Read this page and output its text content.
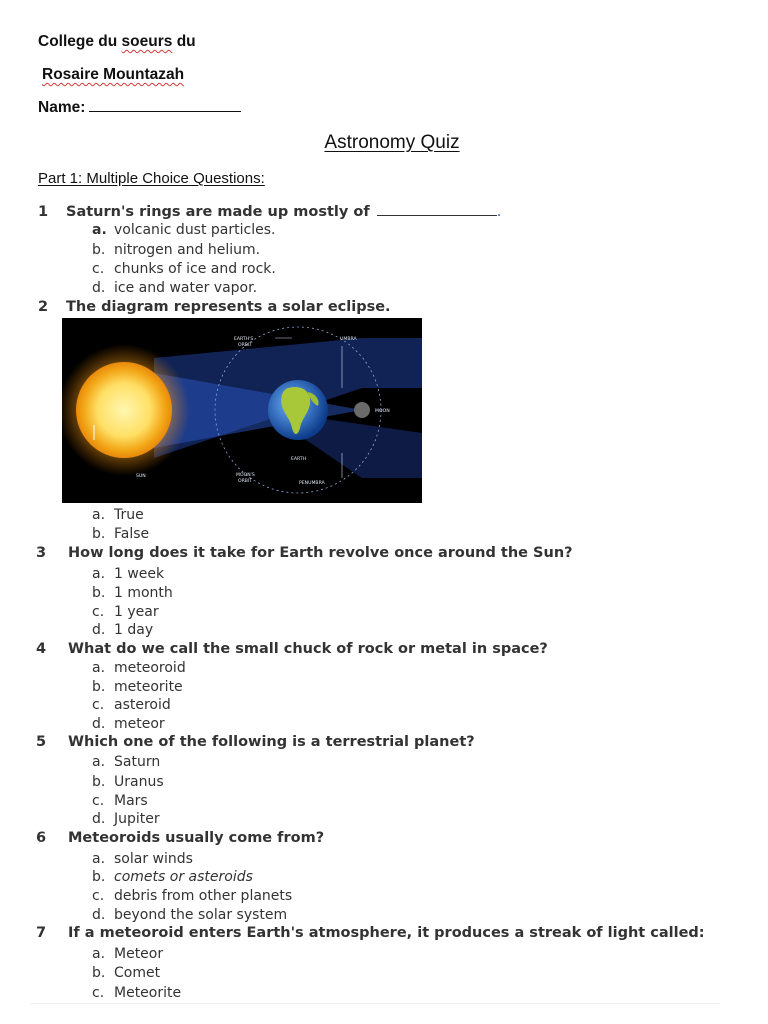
College du soeurs du
Rosaire Mountazah
Name:
Astronomy Quiz
Part 1: Multiple Choice Questions:
1 Saturn's rings are made up mostly of	.
a. volcanic dust particles.
b. nitrogen and helium.
c. chunks of ice and rock.
d. ice and water vapor.
2 The diagram represents a solar eclipse.
EARTH'S
ORBIT
UMBRA
MOON
EARTH
SUN	MOON'S
ORBIT	PENUMBRA
a. True
b. False
3 How long does it take for Earth revolve once around the Sun?
a. 1 week
b. 1 month
c. 1 year
d. 1 day
4 What do we call the small chuck of rock or metal in space?
a. meteoroid
b. meteorite
c. asteroid
d. meteor
5 Which one of the following is a terrestrial planet?
a. Saturn
b. Uranus
c. Mars
d. Jupiter
6 Meteoroids usually come from?
a. solar winds
b. comets or asteroids
c. debris from other planets
d. beyond the solar system
7 If a meteoroid enters Earth's atmosphere, it produces a streak of light called:
a. Meteor
b. Comet
c. Meteorite
